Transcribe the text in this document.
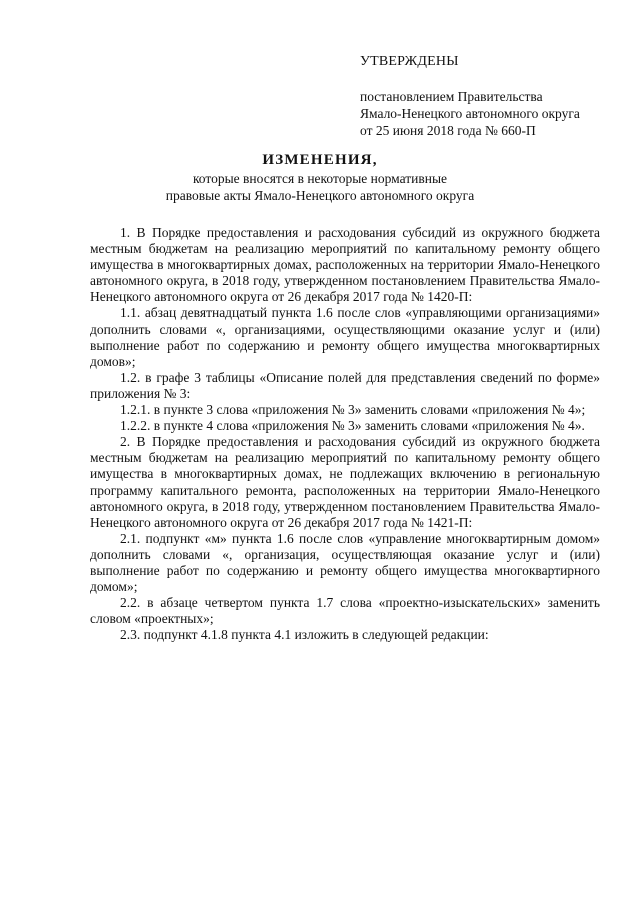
УТВЕРЖДЕНЫ
постановлением Правительства
Ямало-Ненецкого автономного округа
от 25 июня 2018 года № 660-П
ИЗМЕНЕНИЯ,
которые вносятся в некоторые нормативные
правовые акты Ямало-Ненецкого автономного округа

1. В Порядке предоставления и расходования субсидий из окружного бюджета местным бюджетам на реализацию мероприятий по капитальному ремонту общего имущества в многоквартирных домах, расположенных на территории Ямало-Ненецкого автономного округа, в 2018 году, утвержденном постановлением Правительства Ямало-Ненецкого автономного округа от 26 декабря 2017 года № 1420-П:

1.1. абзац девятнадцатый пункта 1.6 после слов «управляющими организациями» дополнить словами «, организациями, осуществляющими оказание услуг и (или) выполнение работ по содержанию и ремонту общего имущества многоквартирных домов»;

1.2. в графе 3 таблицы «Описание полей для представления сведений по форме» приложения № 3:

1.2.1. в пункте 3 слова «приложения № 3» заменить словами «приложения № 4»;

1.2.2. в пункте 4 слова «приложения № 3» заменить словами «приложения № 4».

2. В Порядке предоставления и расходования субсидий из окружного бюджета местным бюджетам на реализацию мероприятий по капитальному ремонту общего имущества в многоквартирных домах, не подлежащих включению в региональную программу капитального ремонта, расположенных на территории Ямало-Ненецкого автономного округа, в 2018 году, утвержденном постановлением Правительства Ямало-Ненецкого автономного округа от 26 декабря 2017 года № 1421-П:

2.1. подпункт «м» пункта 1.6 после слов «управление многоквартирным домом» дополнить словами «, организация, осуществляющая оказание услуг и (или) выполнение работ по содержанию и ремонту общего имущества многоквартирного домом»;

2.2. в абзаце четвертом пункта 1.7 слова «проектно-изыскательских» заменить словом «проектных»;

2.3. подпункт 4.1.8 пункта 4.1 изложить в следующей редакции:
